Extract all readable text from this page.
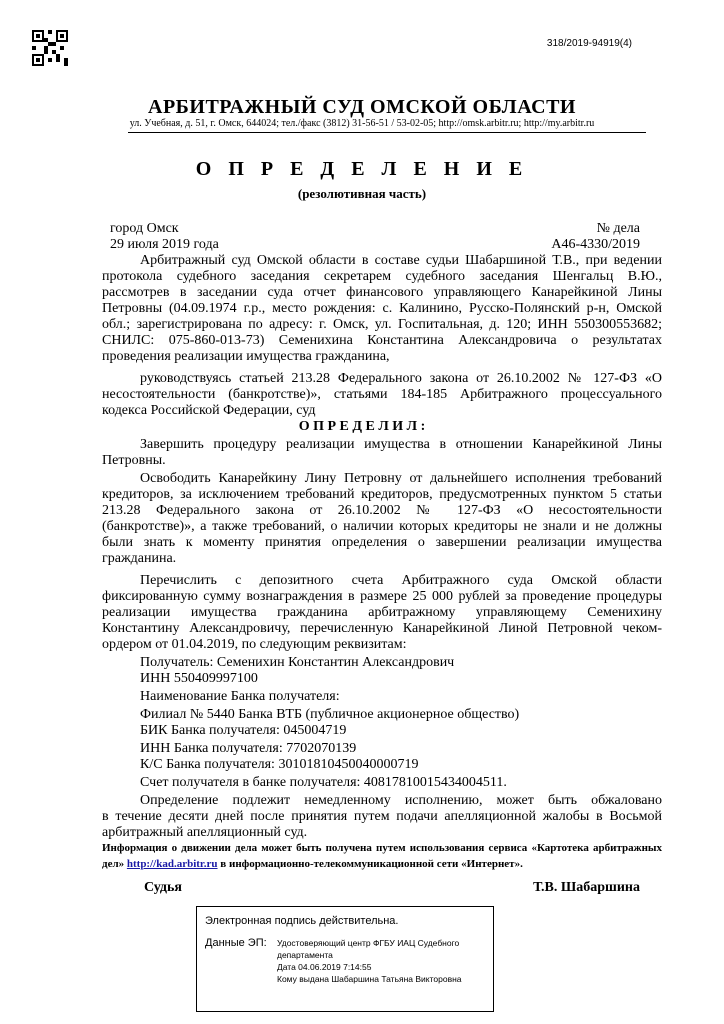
318/2019-94919(4)
АРБИТРАЖНЫЙ СУД ОМСКОЙ ОБЛАСТИ
ул. Учебная, д. 51, г. Омск, 644024; тел./факс (3812) 31-56-51 / 53-02-05; http://omsk.arbitr.ru; http://my.arbitr.ru
О П Р Е Д Е Л Е Н И Е
(резолютивная часть)
город Омск	№ дела
29 июля 2019 года	А46-4330/2019
Арбитражный суд Омской области в составе судьи Шабаршиной Т.В., при ведении
протокола судебного заседания секретарем судебного заседания Шенгальц В.Ю.,
рассмотрев в заседании суда отчет финансового управляющего Канарейкиной Лины
Петровны (04.09.1974 г.р., место рождения: с. Калинино, Русско-Полянский р-н, Омской
обл.; зарегистрирована по адресу: г. Омск, ул. Госпитальная, д. 120; ИНН 550300553682;
СНИЛС: 075-860-013-73) Семенихина Константина Александровича о результатах
проведения реализации имущества гражданина,
руководствуясь статьей 213.28 Федерального закона от 26.10.2002 № 127-ФЗ «О
несостоятельности (банкротстве)», статьями 184-185 Арбитражного процессуального
кодекса Российской Федерации, суд
О П Р Е Д Е Л И Л :
Завершить процедуру реализации имущества в отношении Канарейкиной Лины
Петровны.
Освободить Канарейкину Лину Петровну от дальнейшего исполнения требований
кредиторов, за исключением требований кредиторов, предусмотренных пунктом 5 статьи
213.28 Федерального закона от 26.10.2002 № 127-ФЗ «О несостоятельности
(банкротстве)», а также требований, о наличии которых кредиторы не знали и не должны
были знать к моменту принятия определения о завершении реализации имущества
гражданина.
Перечислить с депозитного счета Арбитражного суда Омской области
фиксированную сумму вознаграждения в размере 25 000 рублей за проведение процедуры
реализации имущества гражданина арбитражному управляющему Семенихину
Константину Александровичу, перечисленную Канарейкиной Линой Петровной чеком-
ордером от 01.04.2019, по следующим реквизитам:
Получатель: Семенихин Константин Александрович
ИНН 550409997100
Наименование Банка получателя:
Филиал № 5440 Банка ВТБ (публичное акционерное общество)
БИК Банка получателя: 045004719
ИНН Банка получателя: 7702070139
К/С Банка получателя: 30101810450040000719
Счет получателя в банке получателя: 40817810015434004511.
Определение подлежит немедленному исполнению, может быть обжаловано
в течение десяти дней после принятия путем подачи апелляционной жалобы в Восьмой
арбитражный апелляционный суд.
Информация о движении дела может быть получена путем использования сервиса «Картотека арбитражных дел» http://kad.arbitr.ru в информационно-телекоммуникационной сети «Интернет».
Судья	Т.В. Шабаршина
Электронная подпись действительна.
Данные ЭП: Удостоверяющий центр ФГБУ ИАЦ Судебного
департамента
Дата 04.06.2019 7:14:55
Кому выдана Шабаршина Татьяна Викторовна
